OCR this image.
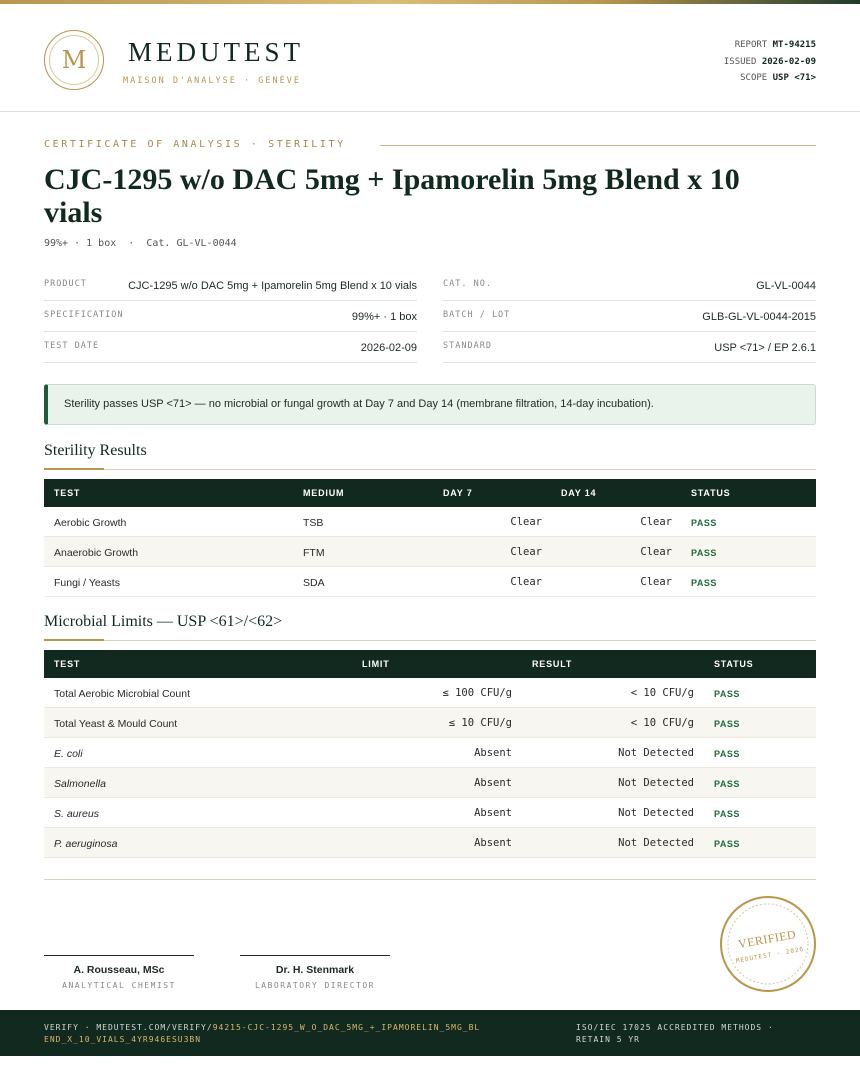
M MEDUTEST
MAISON D'ANALYSE · GENÈVE
REPORT MT-94215
ISSUED 2026-02-09
SCOPE USP <71>
CERTIFICATE OF ANALYSIS · STERILITY
CJC-1295 w/o DAC 5mg + Ipamorelin 5mg Blend x 10 vials
99%+ · 1 box  ·  Cat. GL-VL-0044
PRODUCT	CJC-1295 w/o DAC 5mg + Ipamorelin 5mg Blend x 10 vials
SPECIFICATION	99%+ · 1 box
TEST DATE	2026-02-09
CAT. NO.	GL-VL-0044
BATCH / LOT	GLB-GL-VL-0044-2015
STANDARD	USP <71> / EP 2.6.1
Sterility passes USP <71> — no microbial or fungal growth at Day 7 and Day 14 (membrane filtration, 14-day incubation).
Sterility Results
TEST	MEDIUM	DAY 7	DAY 14	STATUS
Aerobic Growth	TSB	Clear	Clear PASS
Anaerobic Growth	FTM	Clear	Clear PASS
Fungi / Yeasts	SDA	Clear	Clear PASS
Microbial Limits — USP <61>/<62>
TEST	LIMIT	RESULT	STATUS
Total Aerobic Microbial Count	≤ 100 CFU/g	< 10 CFU/g PASS
Total Yeast & Mould Count	≤ 10 CFU/g	< 10 CFU/g PASS
E. coli	Absent	Not Detected PASS
Salmonella	Absent	Not Detected PASS
S. aureus	Absent	Not Detected PASS
P. aeruginosa	Absent	Not Detected PASS
A. Rousseau, MSc
ANALYTICAL CHEMIST
Dr. H. Stenmark
LABORATORY DIRECTOR
VERIFIED
MEDUTEST · 2026
VERIFY · MEDUTEST.COM/VERIFY/94215-CJC-1295_W_O_DAC_5MG_+_IPAMORELIN_5MG_BLEND_X_10_VIALS_4YR946ESU3BN
ISO/IEC 17025 ACCREDITED METHODS · RETAIN 5 YR
